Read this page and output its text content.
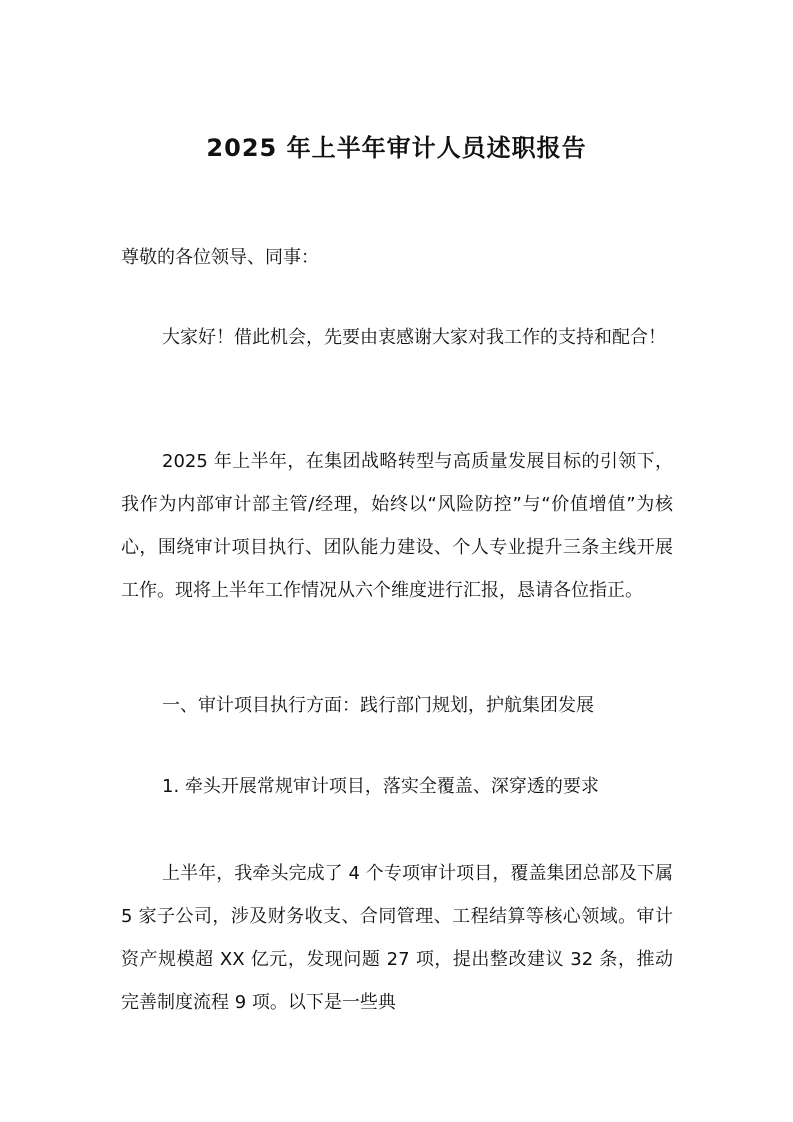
2025 年上半年审计人员述职报告

尊敬的各位领导、同事：

大家好！借此机会，先要由衷感谢大家对我工作的支持和配合！

2025 年上半年，在集团战略转型与高质量发展目标的引领下，我作为内部审计部主管/经理，始终以“风险防控”与“价值增值”为核心，围绕审计项目执行、团队能力建设、个人专业提升三条主线开展工作。现将上半年工作情况从六个维度进行汇报，恳请各位指正。

一、审计项目执行方面：践行部门规划，护航集团发展

1. 牵头开展常规审计项目，落实全覆盖、深穿透的要求

上半年，我牵头完成了 4 个专项审计项目，覆盖集团总部及下属 5 家子公司，涉及财务收支、合同管理、工程结算等核心领域。审计资产规模超 XX 亿元，发现问题 27 项，提出整改建议 32 条，推动完善制度流程 9 项。以下是一些典
